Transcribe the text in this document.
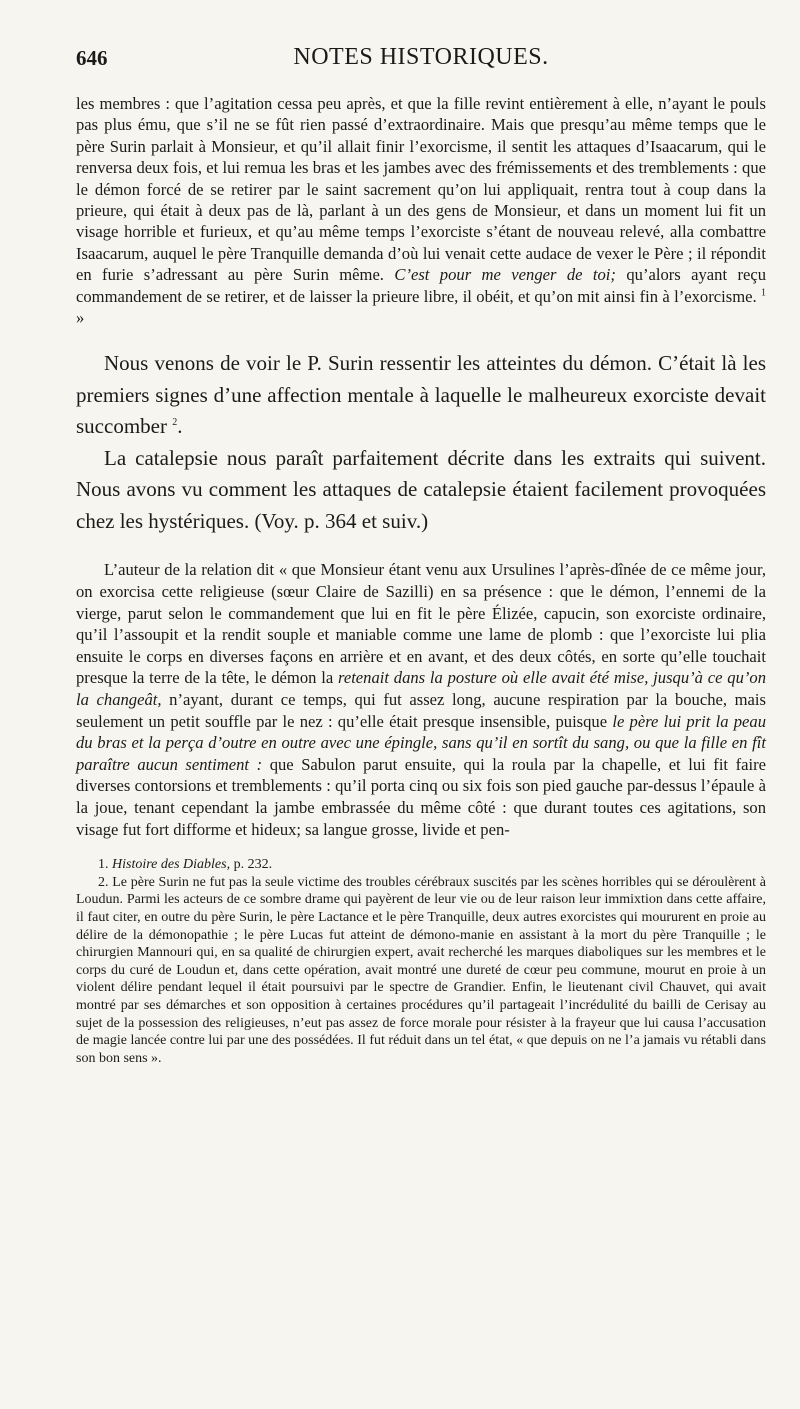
646	NOTES HISTORIQUES.

les membres : que l’agitation cessa peu après, et que la fille revint entièrement à elle, n’ayant le pouls pas plus ému, que s’il ne se fût rien passé d’extraordinaire. Mais que presqu’au même temps que le père Surin parlait à Monsieur, et qu’il allait finir l’exorcisme, il sentit les attaques d’Isaacarum, qui le renversa deux fois, et lui remua les bras et les jambes avec des frémissements et des tremblements : que le démon forcé de se retirer par le saint sacrement qu’on lui appliquait, rentra tout à coup dans la prieure, qui était à deux pas de là, parlant à un des gens de Monsieur, et dans un moment lui fit un visage horrible et furieux, et qu’au même temps l’exorciste s’étant de nouveau relevé, alla combattre Isaacarum, auquel le père Tranquille demanda d’où lui venait cette audace de vexer le Père ; il répondit en furie s’adressant au père Surin même. C’est pour me venger de toi; qu’alors ayant reçu commandement de se retirer, et de laisser la prieure libre, il obéit, et qu’on mit ainsi fin à l’exorcisme. $^1$ »

Nous venons de voir le P. Surin ressentir les atteintes du démon. C’était là les premiers signes d’une affection mentale à laquelle le malheureux exorciste devait succomber $^2$.

La catalepsie nous paraît parfaitement décrite dans les extraits qui suivent. Nous avons vu comment les attaques de catalepsie étaient facilement provoquées chez les hystériques. (Voy. p. 364 et suiv.)

L’auteur de la relation dit « que Monsieur étant venu aux Ursulines l’après-dînée de ce même jour, on exorcisa cette religieuse (sœur Claire de Sazilli) en sa présence : que le démon, l’ennemi de la vierge, parut selon le commandement que lui en fit le père Élizée, capucin, son exorciste ordinaire, qu’il l’assoupit et la rendit souple et maniable comme une lame de plomb : que l’exorciste lui plia ensuite le corps en diverses façons en arrière et en avant, et des deux côtés, en sorte qu’elle touchait presque la terre de la tête, le démon la retenait dans la posture où elle avait été mise, jusqu’à ce qu’on la changeât, n’ayant, durant ce temps, qui fut assez long, aucune respiration par la bouche, mais seulement un petit souffle par le nez : qu’elle était presque insensible, puisque le père lui prit la peau du bras et la perça d’outre en outre avec une épingle, sans qu’il en sortît du sang, ou que la fille en fît paraître aucun sentiment : que Sabulon parut ensuite, qui la roula par la chapelle, et lui fit faire diverses contorsions et tremblements : qu’il porta cinq ou six fois son pied gauche par-dessus l’épaule à la joue, tenant cependant la jambe embrassée du même côté : que durant toutes ces agitations, son visage fut fort difforme et hideux; sa langue grosse, livide et pen-

1. Histoire des Diables, p. 232.

2. Le père Surin ne fut pas la seule victime des troubles cérébraux suscités par les scènes horribles qui se déroulèrent à Loudun. Parmi les acteurs de ce sombre drame qui payèrent de leur vie ou de leur raison leur immixtion dans cette affaire, il faut citer, en outre du père Surin, le père Lactance et le père Tranquille, deux autres exorcistes qui moururent en proie au délire de la démonopathie ; le père Lucas fut atteint de démono-manie en assistant à la mort du père Tranquille ; le chirurgien Mannouri qui, en sa qualité de chirurgien expert, avait recherché les marques diaboliques sur les membres et le corps du curé de Loudun et, dans cette opération, avait montré une dureté de cœur peu commune, mourut en proie à un violent délire pendant lequel il était poursuivi par le spectre de Grandier. Enfin, le lieutenant civil Chauvet, qui avait montré par ses démarches et son opposition à certaines procédures qu’il partageait l’incrédulité du bailli de Cerisay au sujet de la possession des religieuses, n’eut pas assez de force morale pour résister à la frayeur que lui causa l’accusation de magie lancée contre lui par une des possédées. Il fut réduit dans un tel état, « que depuis on ne l’a jamais vu rétabli dans son bon sens ».
